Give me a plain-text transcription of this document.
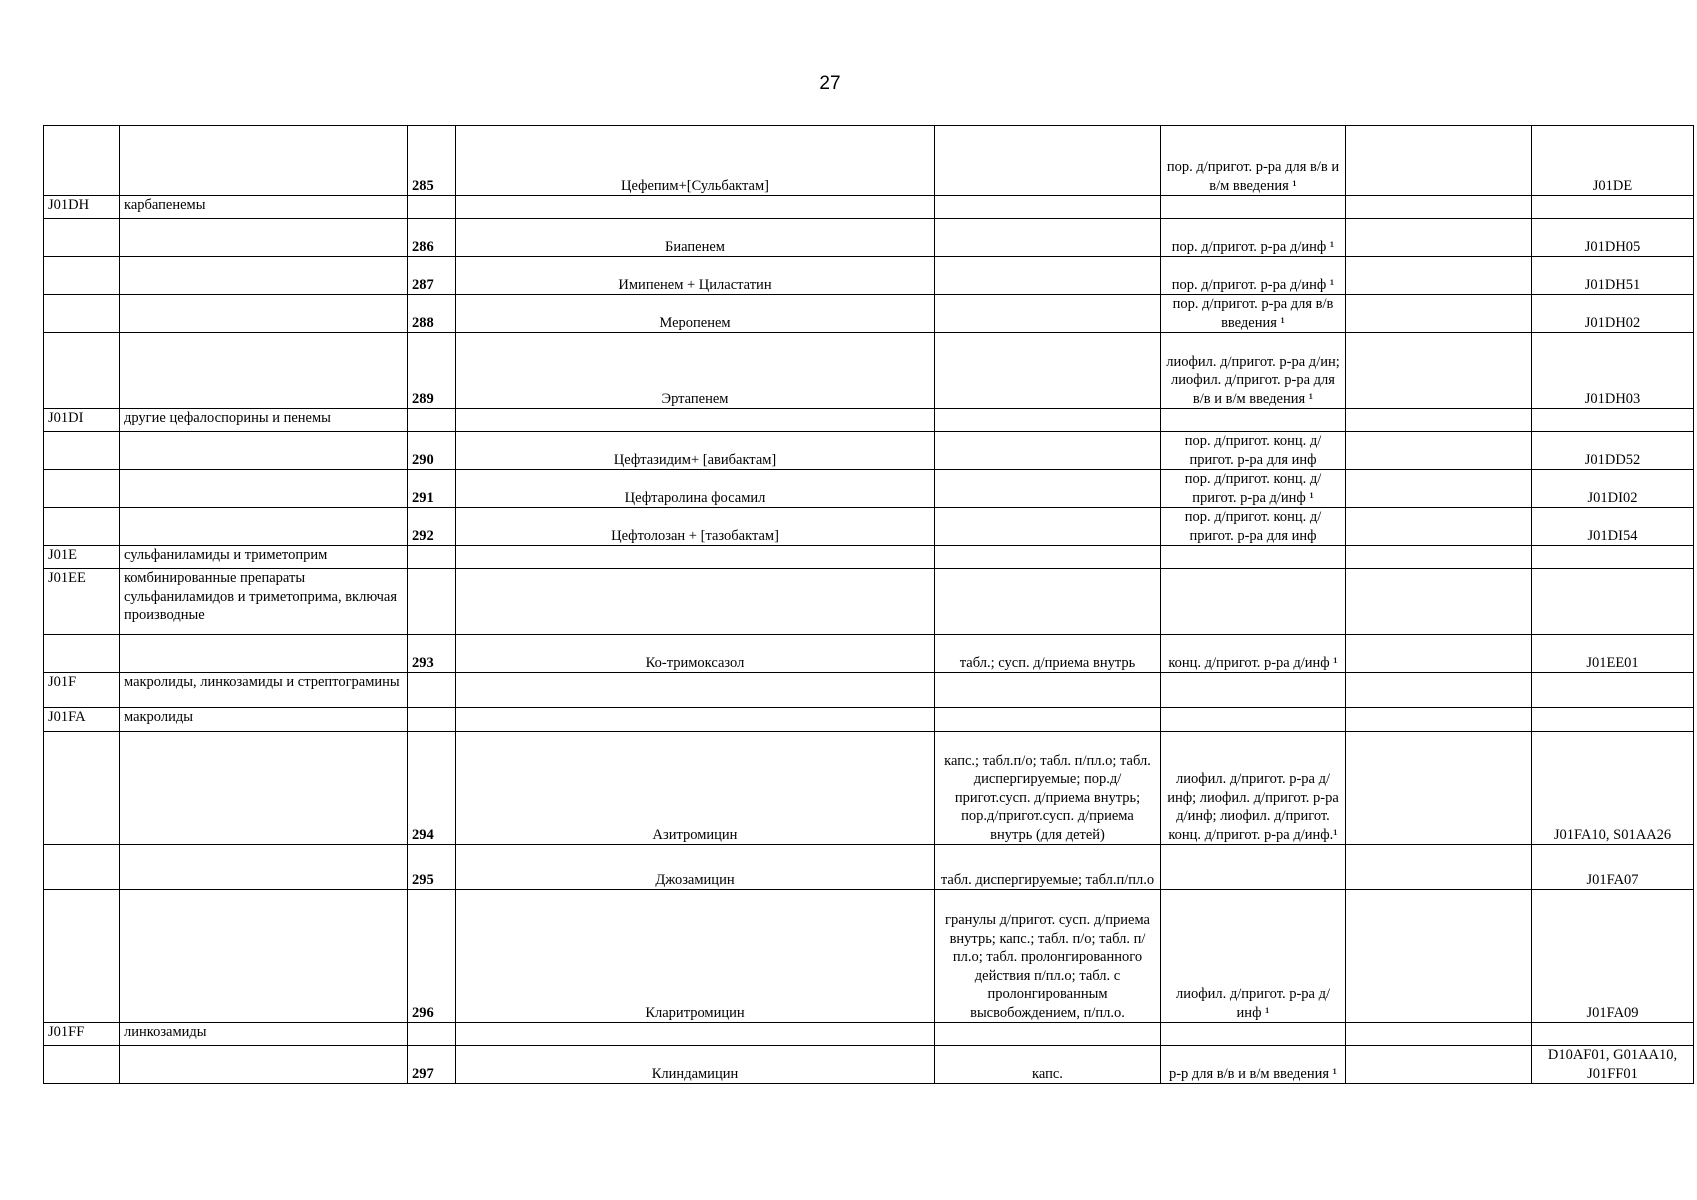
27
		285	Цефепим+[Сульбактам]		пор. д/пригот. р-ра для в/в и в/м введения ¹		J01DE
J01DH	карбапенемы						
		286	Биапенем		пор. д/пригот. р-ра д/инф ¹		J01DH05
		287	Имипенем + Циластатин		пор. д/пригот. р-ра д/инф ¹		J01DH51
		288	Меропенем		пор. д/пригот. р-ра для в/в введения ¹		J01DH02
		289	Эртапенем		лиофил. д/пригот. р-ра д/ин; лиофил. д/пригот. р-ра для в/в и в/м введения ¹		J01DH03
J01DI	другие цефалоспорины и пенемы						
		290	Цефтазидим+ [авибактам]		пор. д/пригот. конц. д/пригот. р-ра для инф		J01DD52
		291	Цефтаролина фосамил		пор. д/пригот. конц. д/пригот. р-ра д/инф ¹		J01DI02
		292	Цефтолозан + [тазобактам]		пор. д/пригот. конц. д/пригот. р-ра для инф		J01DI54
J01E	сульфаниламиды и триметоприм						
J01EE	комбинированные препараты сульфаниламидов и триметоприма, включая производные						
		293	Ко-тримоксазол	табл.; сусп. д/приема внутрь	конц. д/пригот. р-ра д/инф ¹		J01EE01
J01F	макролиды, линкозамиды и стрептограмины						
J01FA	макролиды						
		294	Азитромицин	капс.; табл.п/о; табл. п/пл.о; табл. диспергируемые; пор.д/пригот.сусп. д/приема внутрь; пор.д/пригот.сусп. д/приема внутрь (для детей)	лиофил. д/пригот. р-ра д/инф; лиофил. д/пригот. р-ра д/инф; лиофил. д/пригот. конц. д/пригот. р-ра д/инф.¹		J01FA10, S01AA26
		295	Джозамицин	табл. диспергируемые; табл.п/пл.о			J01FA07
		296	Кларитромицин	гранулы д/пригот. сусп. д/приема внутрь; капс.; табл. п/о; табл. п/пл.о; табл. пролонгированного действия п/пл.о; табл. с пролонгированным высвобождением, п/пл.о.	лиофил. д/пригот. р-ра д/инф ¹		J01FA09
J01FF	линкозамиды						
		297	Клиндамицин	капс.	р-р для в/в и в/м введения ¹		D10AF01, G01AA10, J01FF01
